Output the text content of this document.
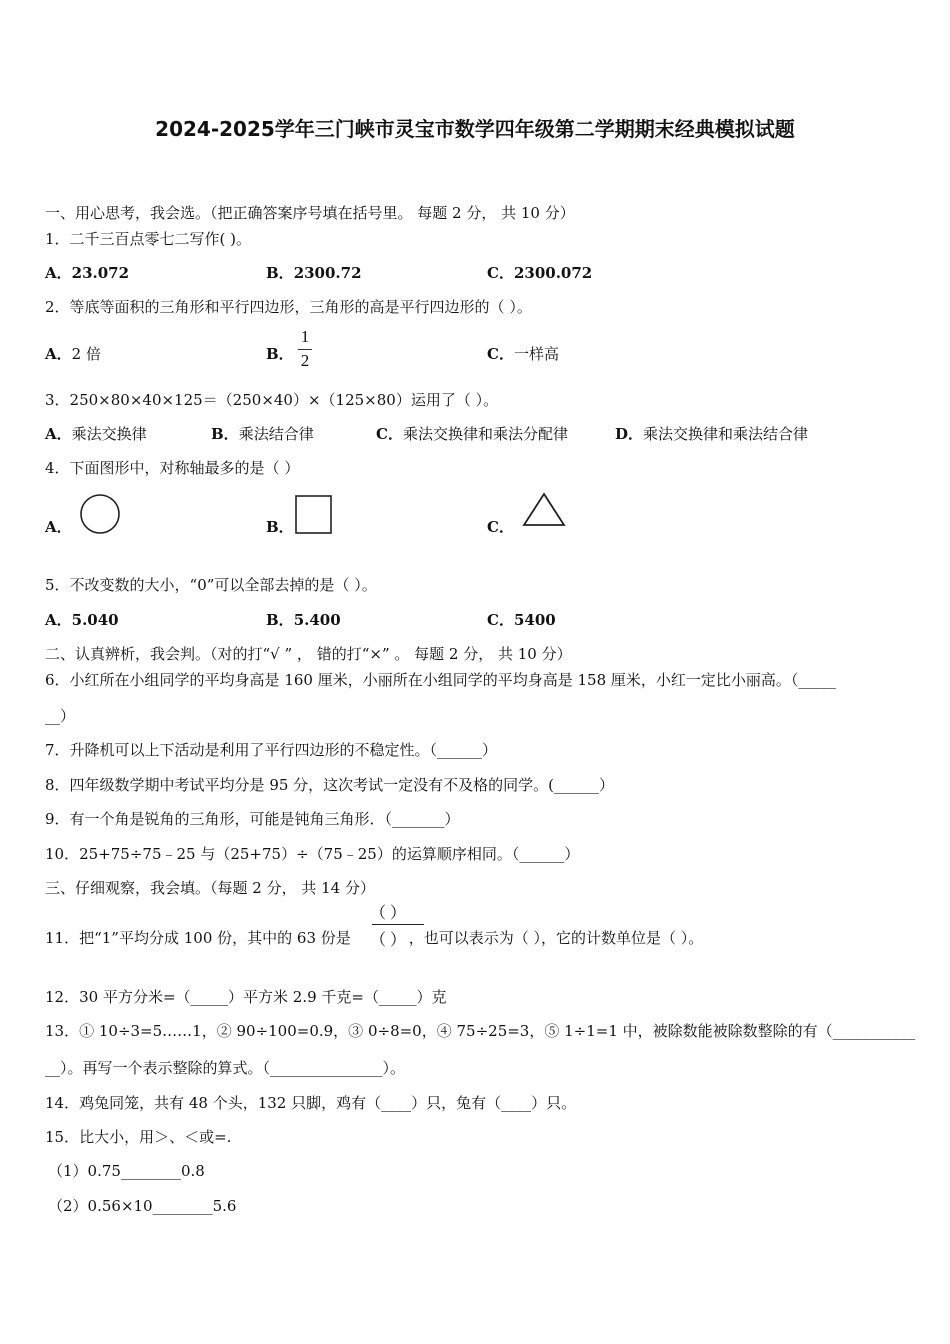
2024-2025学年三门峡市灵宝市数学四年级第二学期期末经典模拟试题
一、用心思考，我会选。（把正确答案序号填在括号里。 每题 2 分， 共 10 分）
1．二千三百点零七二写作( )。
A．23.072	B．2300.72	C．2300.072
2．等底等面积的三角形和平行四边形，三角形的高是平行四边形的（ ）。
A．2 倍	B．
1
2	C．一样高
3．250×80×40×125＝（250×40）×（125×80）运用了（ ）。
A．乘法交换律	B．乘法结合律	C．乘法交换律和乘法分配律	D．乘法交换律和乘法结合律
4．下面图形中，对称轴最多的是（ ）
A．	B．	C．
5．不改变数的大小，“0”可以全部去掉的是（ ）。
A．5.040	B．5.400	C．5400
二、认真辨析，我会判。（对的打“√ ” ， 错的打“×” 。 每题 2 分， 共 10 分）
6．小红所在小组同学的平均身高是 160 厘米，小丽所在小组同学的平均身高是 158 厘米，小红一定比小丽高。（_____
__）
7．升降机可以上下活动是利用了平行四边形的不稳定性。（______）
8．四年级数学期中考试平均分是 95 分，这次考试一定没有不及格的同学。(______）
9．有一个角是锐角的三角形，可能是钝角三角形．（_______）
10．25+75÷75﹣25 与（25+75）÷（75﹣25）的运算顺序相同。（______）
三、仔细观察，我会填。（每题 2 分， 共 14 分）
11．把“1”平均分成 100 份，其中的 63 份是	，也可以表示为（ ），它的计数单位是（ ）。
（ ）
（ ）
12．30 平方分米=（_____）平方米 2.9 千克=（_____）克
13．① 10÷3=5……1，② 90÷100=0.9，③ 0÷8=0，④ 75÷25=3，⑤ 1÷1=1 中，被除数能被除数整除的有（___________
__）。再写一个表示整除的算式。（_______________）。
14．鸡兔同笼，共有 48 个头，132 只脚，鸡有（____）只，兔有（____）只。
15．比大小，用＞、＜或=.
（1）0.75________0.8
（2）0.56×10________5.6
